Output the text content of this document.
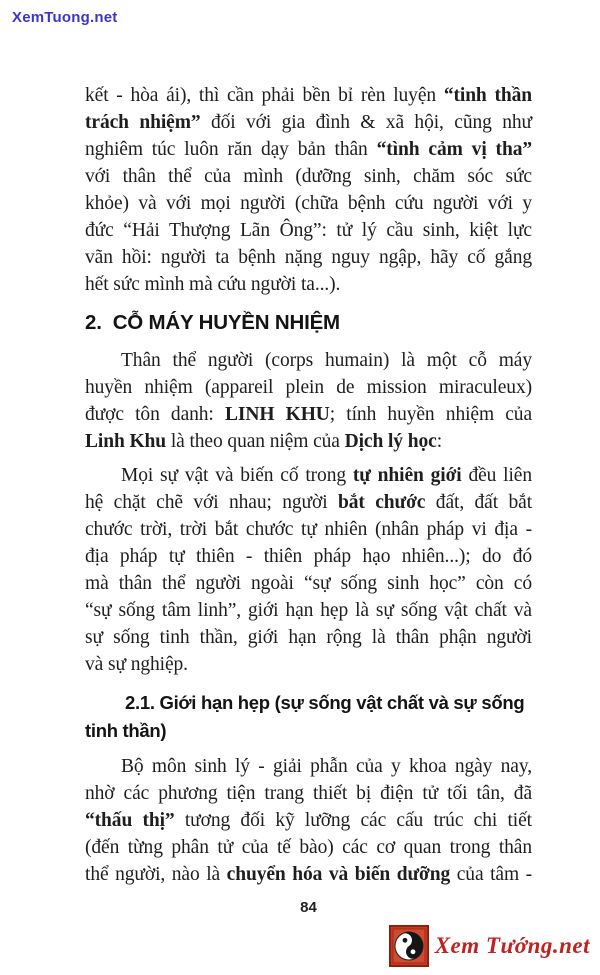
XemTuong.net
kết - hòa ái), thì cần phải bền bỉ rèn luyện “tinh thần
trách nhiệm” đối với gia đình & xã hội, cũng như
nghiêm túc luôn răn dạy bản thân “tình cảm vị tha”
với thân thể của mình (dưỡng sinh, chăm sóc sức
khỏe) và với mọi người (chữa bệnh cứu người với y
đức “Hải Thượng Lãn Ông”: tử lý cầu sinh, kiệt lực
vãn hồi: người ta bệnh nặng nguy ngập, hãy cố gắng
hết sức mình mà cứu người ta...).
2. CỖ MÁY HUYỀN NHIỆM
Thân thể người (corps humain) là một cỗ máy
huyền nhiệm (appareil plein de mission miraculeux)
được tôn danh: LINH KHU; tính huyền nhiệm của
Linh Khu là theo quan niệm của Dịch lý học:
Mọi sự vật và biến cố trong tự nhiên giới đều liên
hệ chặt chẽ với nhau; người bắt chước đất, đất bắt
chước trời, trời bắt chước tự nhiên (nhân pháp vi địa -
địa pháp tự thiên - thiên pháp hạo nhiên...); do đó
mà thân thể người ngoài “sự sống sinh học” còn có
“sự sống tâm linh”, giới hạn hẹp là sự sống vật chất và
sự sống tinh thần, giới hạn rộng là thân phận người
và sự nghiệp.
2.1. Giới hạn hẹp (sự sống vật chất và sự sống
tinh thần)
Bộ môn sinh lý - giải phẫn của y khoa ngày nay,
nhờ các phương tiện trang thiết bị điện tử tối tân, đã
“thấu thị” tương đối kỹ lưỡng các cấu trúc chi tiết
(đến từng phân tử của tế bào) các cơ quan trong thân
thể người, nào là chuyển hóa và biến dưỡng của tâm -
84
Xem Tướng.net
